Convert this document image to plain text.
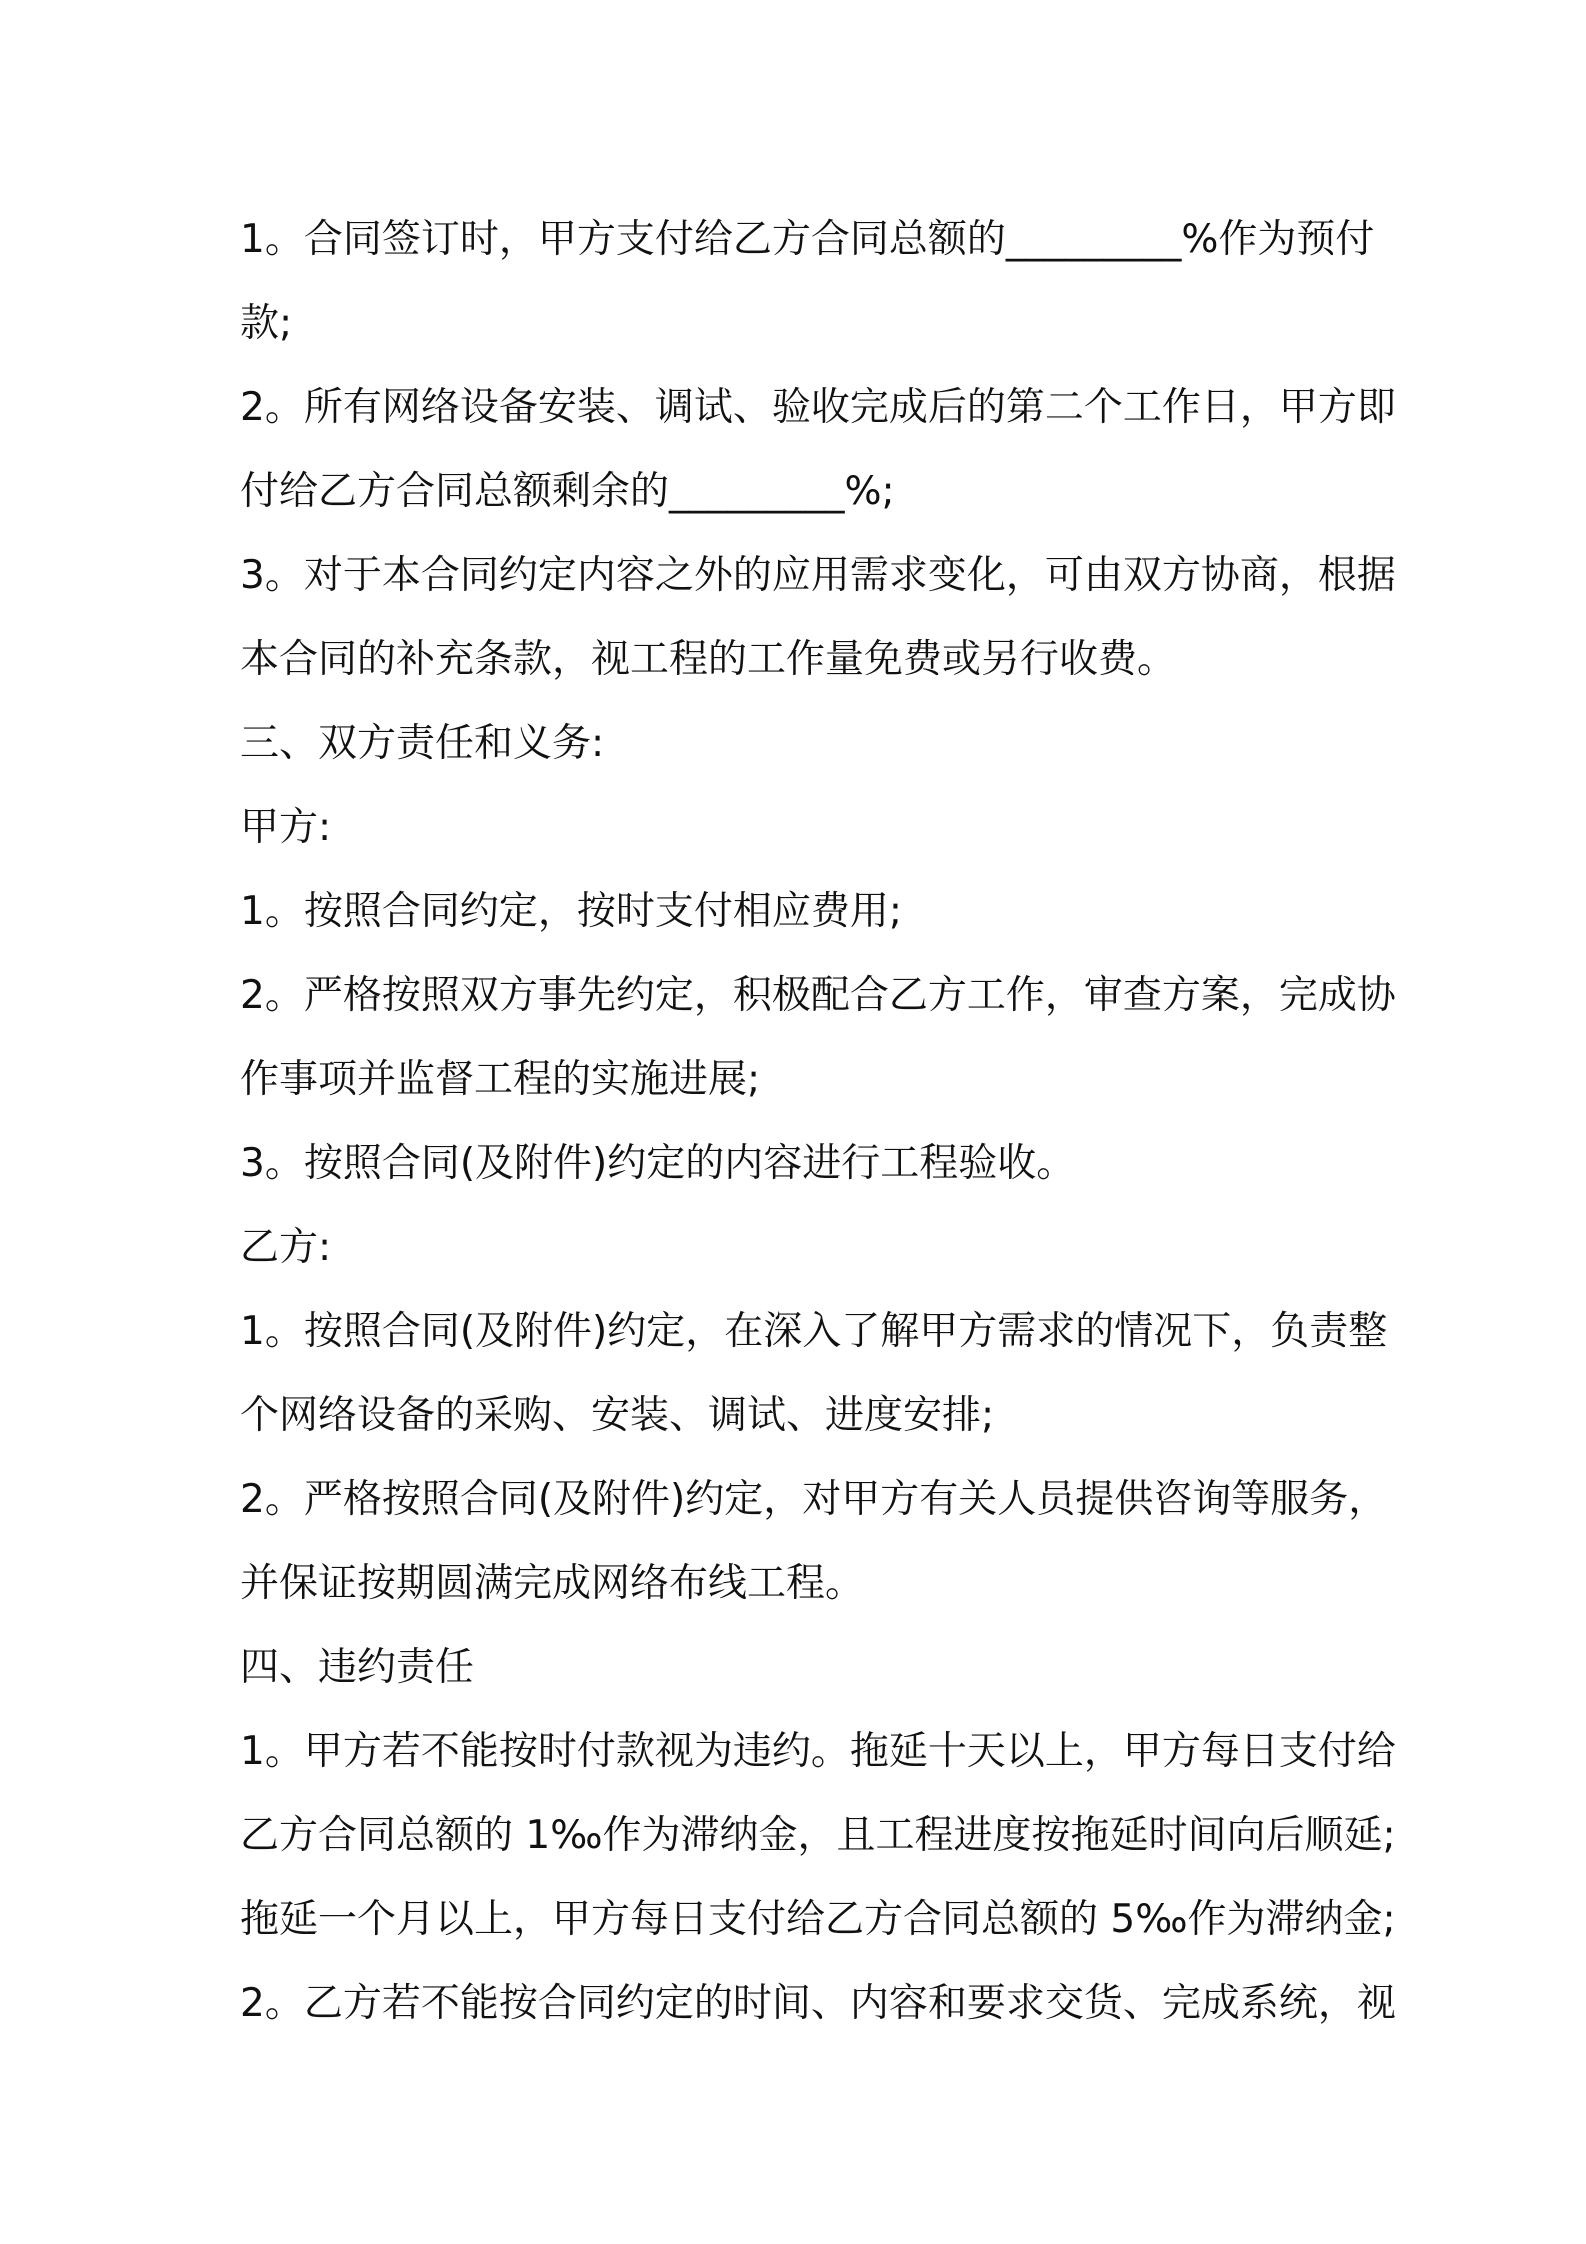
1。合同签订时，甲方支付给乙方合同总额的_________%作为预付
款;
2。所有网络设备安装、调试、验收完成后的第二个工作日，甲方即
付给乙方合同总额剩余的_________%;
3。对于本合同约定内容之外的应用需求变化，可由双方协商，根据
本合同的补充条款，视工程的工作量免费或另行收费。
三、双方责任和义务:
甲方:
1。按照合同约定，按时支付相应费用;
2。严格按照双方事先约定，积极配合乙方工作，审查方案，完成协
作事项并监督工程的实施进展;
3。按照合同(及附件)约定的内容进行工程验收。
乙方:
1。按照合同(及附件)约定，在深入了解甲方需求的情况下，负责整
个网络设备的采购、安装、调试、进度安排;
2。严格按照合同(及附件)约定，对甲方有关人员提供咨询等服务，
并保证按期圆满完成网络布线工程。
四、违约责任
1。甲方若不能按时付款视为违约。拖延十天以上，甲方每日支付给
乙方合同总额的 1‰作为滞纳金，且工程进度按拖延时间向后顺延;
拖延一个月以上，甲方每日支付给乙方合同总额的 5‰作为滞纳金;
2。乙方若不能按合同约定的时间、内容和要求交货、完成系统，视
